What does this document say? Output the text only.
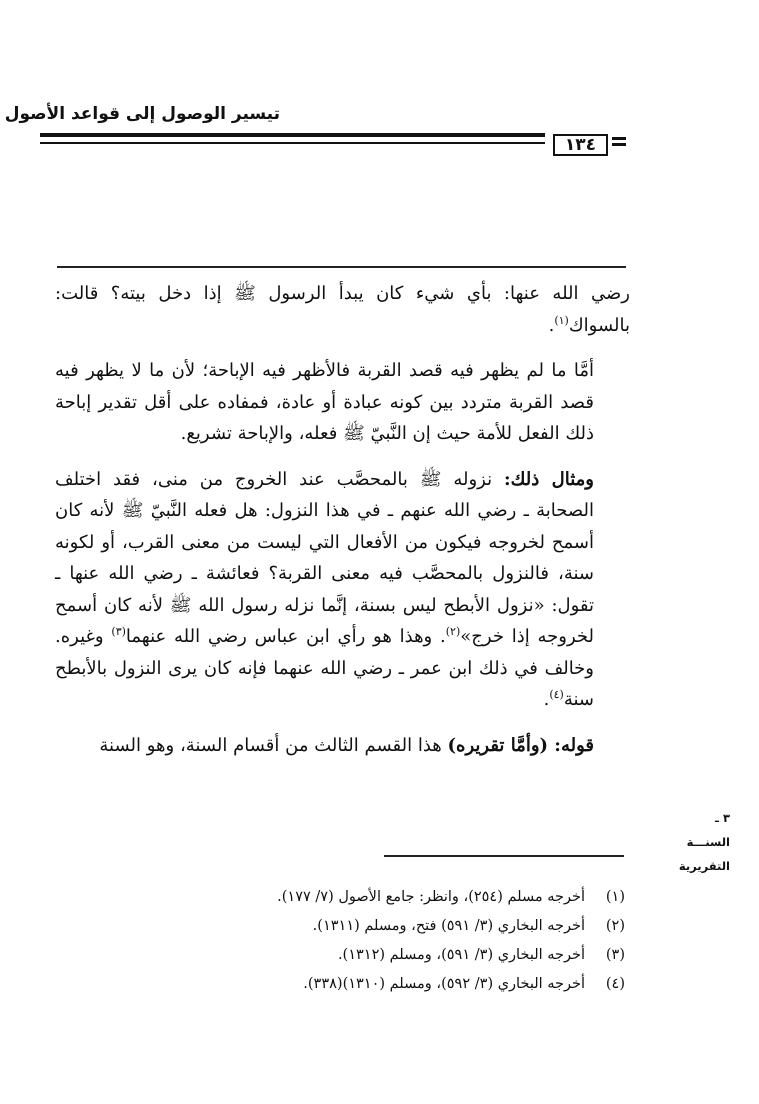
تيسير الوصول إلى قواعد الأصول
١٣٤

رضي الله عنها: بأي شيء كان يبدأ الرسول ﷺ إذا دخل بيته؟ قالت: بالسواك$^{(١)}$.

أمَّا ما لم يظهر فيه قصد القربة فالأظهر فيه الإباحة؛ لأن ما لا يظهر فيه قصد القربة متردد بين كونه عبادة أو عادة، فمفاده على أقل تقدير إباحة ذلك الفعل للأمة حيث إن النَّبيّ ﷺ فعله، والإباحة تشريع.

ومثال ذلك: نزوله ﷺ بالمحصَّب عند الخروج من منى، فقد اختلف الصحابة ـ رضي الله عنهم ـ في هذا النزول: هل فعله النَّبيّ ﷺ لأنه كان أسمح لخروجه فيكون من الأفعال التي ليست من معنى القرب، أو لكونه سنة، فالنزول بالمحصَّب فيه معنى القربة؟ فعائشة ـ رضي الله عنها ـ تقول: «نزول الأبطح ليس بسنة، إنَّما نزله رسول الله ﷺ لأنه كان أسمح لخروجه إذا خرج»$^{(٢)}$. وهذا هو رأي ابن عباس رضي الله عنهما$^{(٣)}$ وغيره. وخالف في ذلك ابن عمر ـ رضي الله عنهما فإنه كان يرى النزول بالأبطح سنة$^{(٤)}$.

قوله: (وأمَّا تقريره) هذا القسم الثالث من أقسام السنة، وهو السنة

٣ ـ السنـــة
التقريرية
(١)أخرجه مسلم (٢٥٤)، وانظر: جامع الأصول (٧/ ١٧٧).
(٢)أخرجه البخاري (٣/ ٥٩١) فتح، ومسلم (١٣١١).
(٣)أخرجه البخاري (٣/ ٥٩١)، ومسلم (١٣١٢).
(٤)أخرجه البخاري (٣/ ٥٩٢)، ومسلم (١٣١٠)(٣٣٨).
